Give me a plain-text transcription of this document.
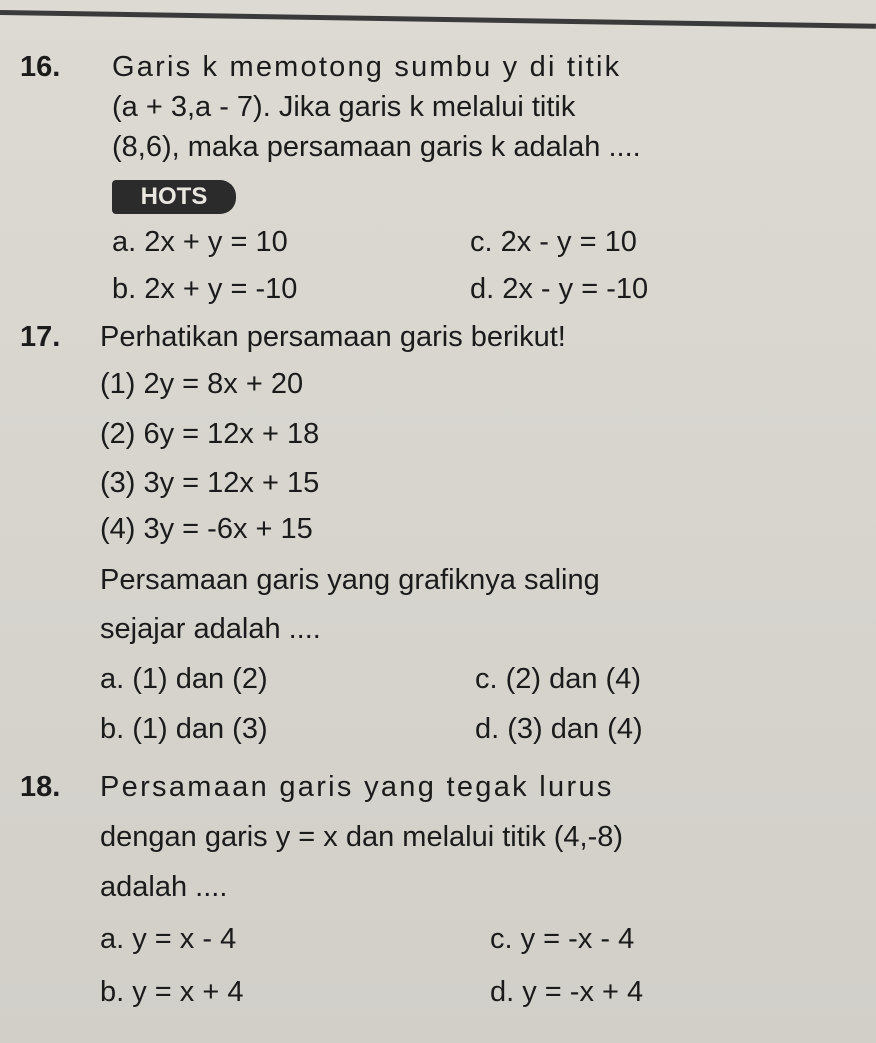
16. Garis k memotong sumbu y di titik
(a + 3,a - 7). Jika garis k melalui titik
(8,6), maka persamaan garis k adalah ....
HOTS
a. 2x + y = 10	c. 2x - y = 10
b. 2x + y = -10	d. 2x - y = -10
17. Perhatikan persamaan garis berikut!
(1) 2y = 8x + 20
(2) 6y = 12x + 18
(3) 3y = 12x + 15
(4) 3y = -6x + 15
Persamaan garis yang grafiknya saling
sejajar adalah ....
a. (1) dan (2)	c. (2) dan (4)
b. (1) dan (3)	d. (3) dan (4)
18. Persamaan garis yang tegak lurus
dengan garis y = x dan melalui titik (4,-8)
adalah ....
a. y = x - 4	c. y = -x - 4
b. y = x + 4	d. y = -x + 4
